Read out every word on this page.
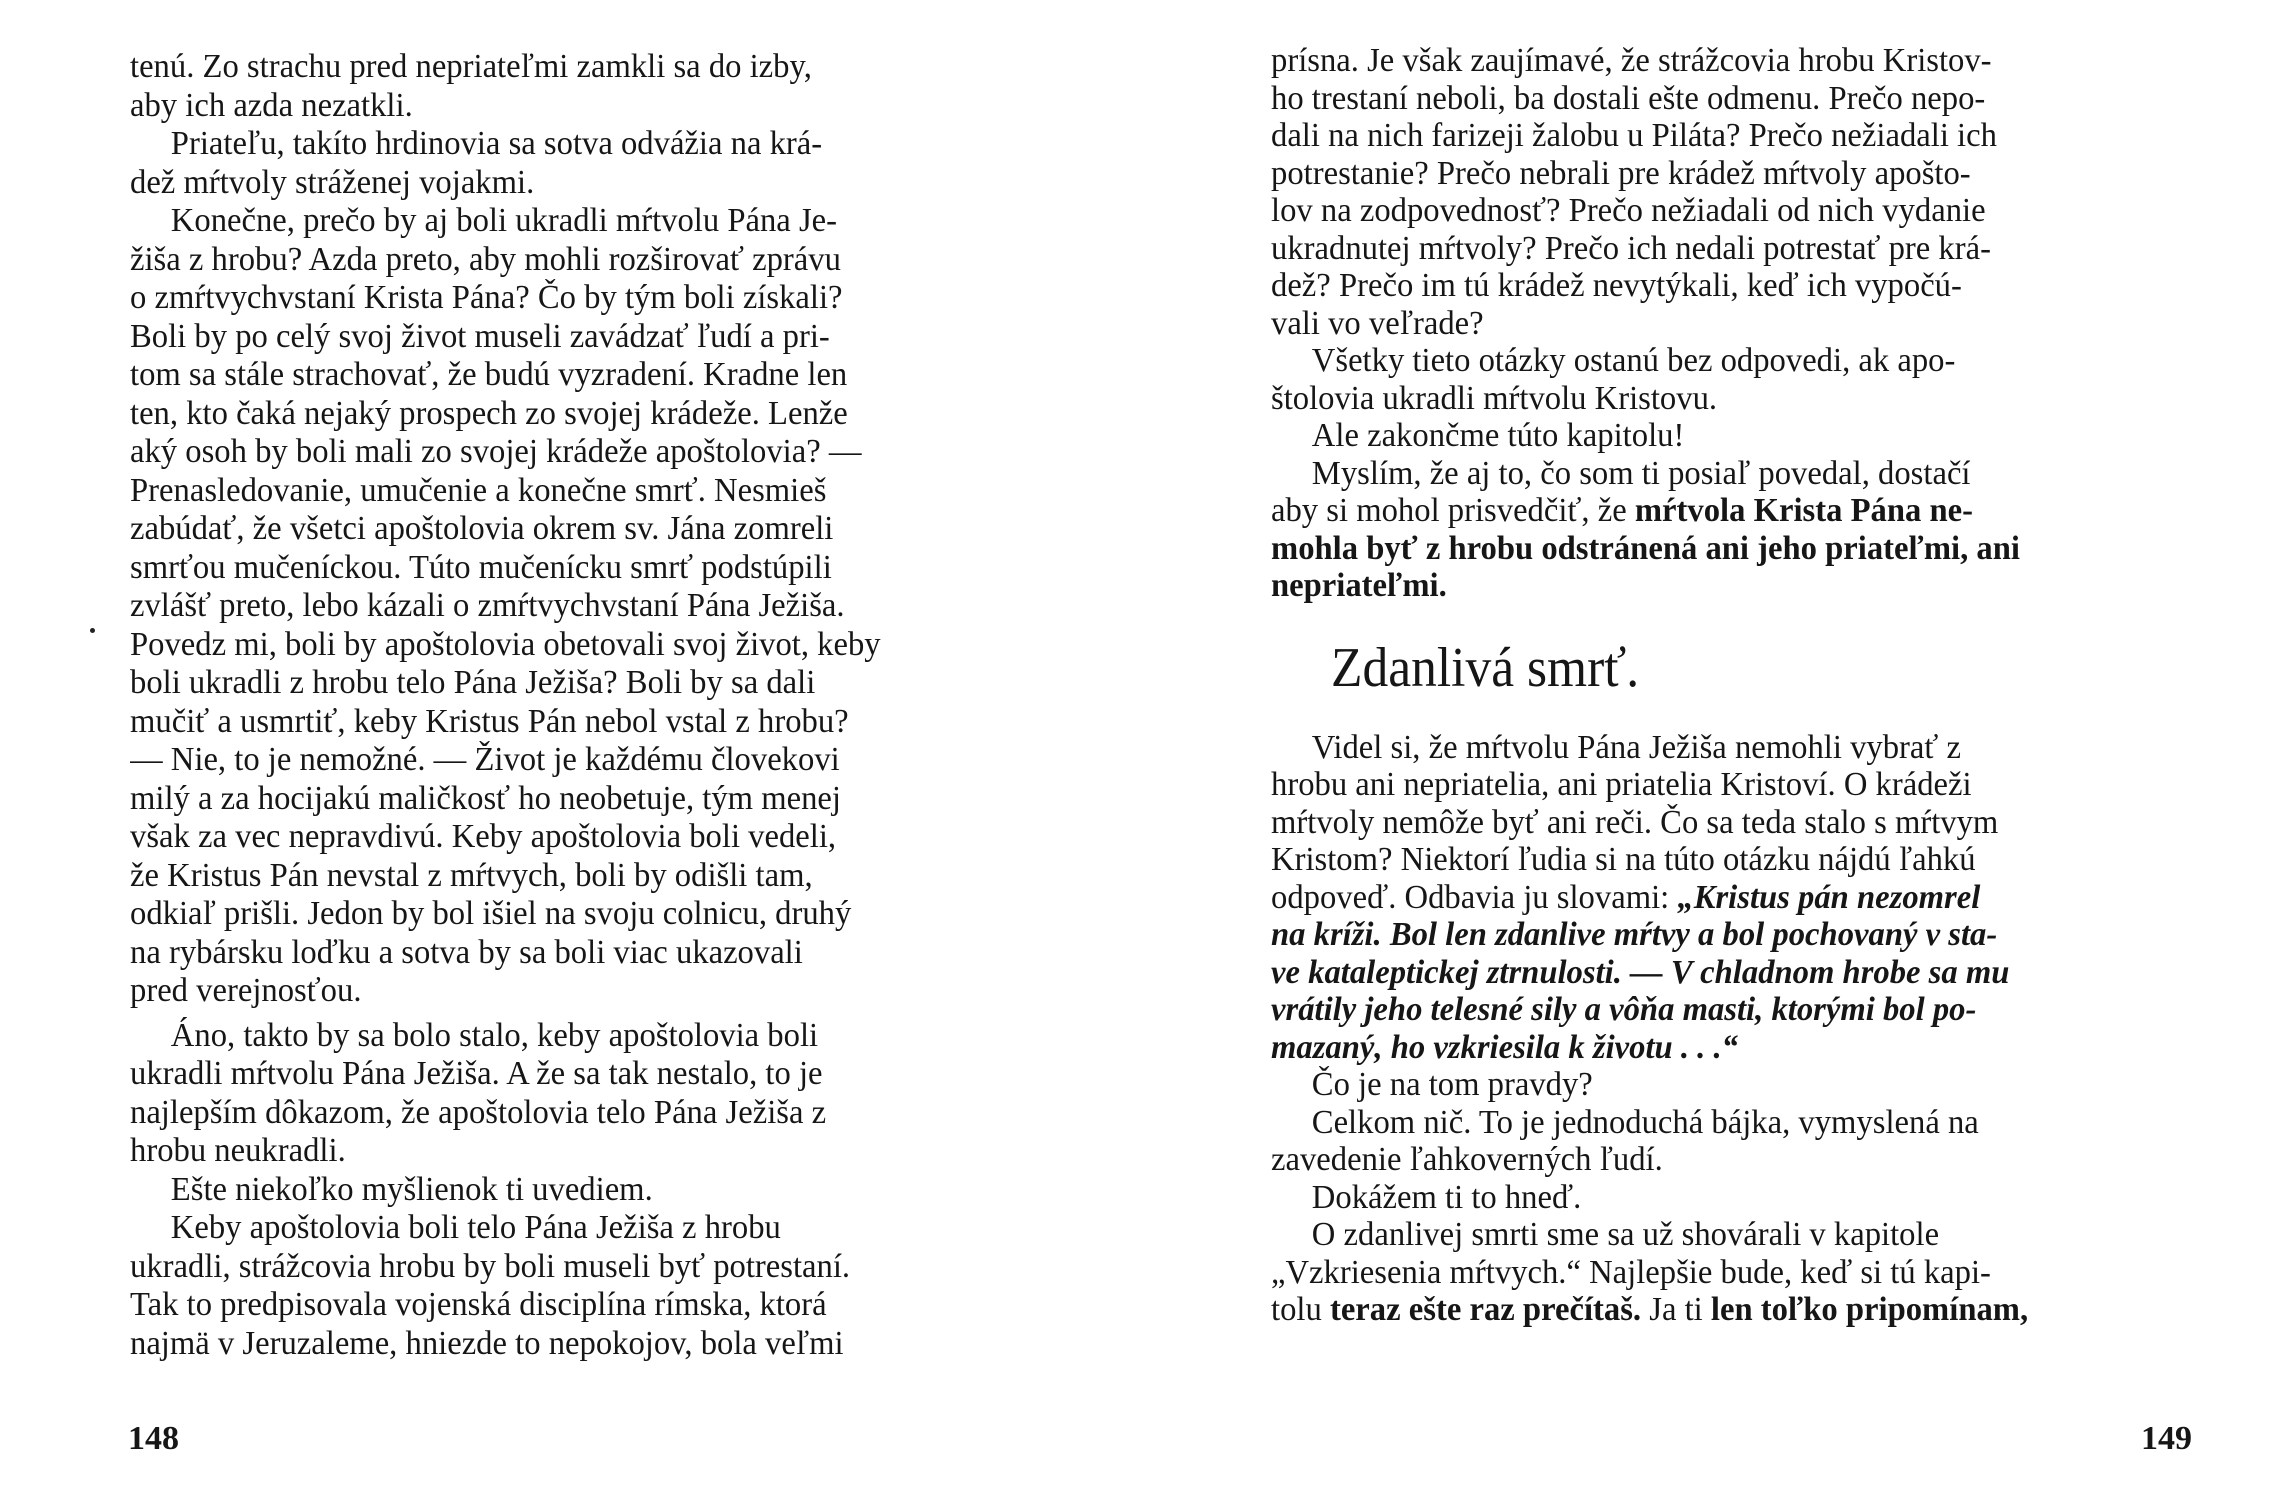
tenú. Zo strachu pred nepriateľmi zamkli sa do izby,
aby ich azda nezatkli.
Priateľu, takíto hrdinovia sa sotva odvážia na krá-
dež mŕtvoly stráženej vojakmi.
Konečne, prečo by aj boli ukradli mŕtvolu Pána Je-
žiša z hrobu? Azda preto, aby mohli rozširovať zprávu
o zmŕtvychvstaní Krista Pána? Čo by tým boli získali?
Boli by po celý svoj život museli zavádzať ľudí a pri-
tom sa stále strachovať, že budú vyzradení. Kradne len
ten, kto čaká nejaký prospech zo svojej krádeže. Lenže
aký osoh by boli mali zo svojej krádeže apoštolovia? —
Prenasledovanie, umučenie a konečne smrť. Nesmieš
zabúdať, že všetci apoštolovia okrem sv. Jána zomreli
smrťou mučeníckou. Túto mučenícku smrť podstúpili
zvlášť preto, lebo kázali o zmŕtvychvstaní Pána Ježiša.
Povedz mi, boli by apoštolovia obetovali svoj život, keby
boli ukradli z hrobu telo Pána Ježiša? Boli by sa dali
mučiť a usmrtiť, keby Kristus Pán nebol vstal z hrobu?
— Nie, to je nemožné. — Život je každému človekovi
milý a za hocijakú maličkosť ho neobetuje, tým menej
však za vec nepravdivú. Keby apoštolovia boli vedeli,
že Kristus Pán nevstal z mŕtvych, boli by odišli tam,
odkiaľ prišli. Jedon by bol išiel na svoju colnicu, druhý
na rybársku loďku a sotva by sa boli viac ukazovali
pred verejnosťou.
Áno, takto by sa bolo stalo, keby apoštolovia boli
ukradli mŕtvolu Pána Ježiša. A že sa tak nestalo, to je
najlepším dôkazom, že apoštolovia telo Pána Ježiša z
hrobu neukradli.
Ešte niekoľko myšlienok ti uvediem.
Keby apoštolovia boli telo Pána Ježiša z hrobu
ukradli, strážcovia hrobu by boli museli byť potrestaní.
Tak to predpisovala vojenská disciplína rímska, ktorá
najmä v Jeruzaleme, hniezde to nepokojov, bola veľmi
148
prísna. Je však zaujímavé, že strážcovia hrobu Kristov-
ho trestaní neboli, ba dostali ešte odmenu. Prečo nepo-
dali na nich farizeji žalobu u Piláta? Prečo nežiadali ich
potrestanie? Prečo nebrali pre krádež mŕtvoly apošto-
lov na zodpovednosť? Prečo nežiadali od nich vydanie
ukradnutej mŕtvoly? Prečo ich nedali potrestať pre krá-
dež? Prečo im tú krádež nevytýkali, keď ich vypočú-
vali vo veľrade?
Všetky tieto otázky ostanú bez odpovedi, ak apo-
štolovia ukradli mŕtvolu Kristovu.
Ale zakončme túto kapitolu!
Myslím, že aj to, čo som ti posiaľ povedal, dostačí
aby si mohol prisvedčiť, že mŕtvola Krista Pána ne-
mohla byť z hrobu odstránená ani jeho priateľmi, ani
nepriateľmi.
Zdanlivá smrť.
Videl si, že mŕtvolu Pána Ježiša nemohli vybrať z
hrobu ani nepriatelia, ani priatelia Kristoví. O krádeži
mŕtvoly nemôže byť ani reči. Čo sa teda stalo s mŕtvym
Kristom? Niektorí ľudia si na túto otázku nájdú ľahkú
odpoveď. Odbavia ju slovami: „Kristus pán nezomrel
na kríži. Bol len zdanlive mŕtvy a bol pochovaný v sta-
ve kataleptickej ztrnulosti. — V chladnom hrobe sa mu
vrátily jeho telesné sily a vôňa masti, ktorými bol po-
mazaný, ho vzkriesila k životu . . .“
Čo je na tom pravdy?
Celkom nič. To je jednoduchá bájka, vymyslená na
zavedenie ľahkoverných ľudí.
Dokážem ti to hneď.
O zdanlivej smrti sme sa už shovárali v kapitole
„Vzkriesenia mŕtvych.“ Najlepšie bude, keď si tú kapi-
tolu teraz ešte raz prečítaš. Ja ti len toľko pripomínam,
149
